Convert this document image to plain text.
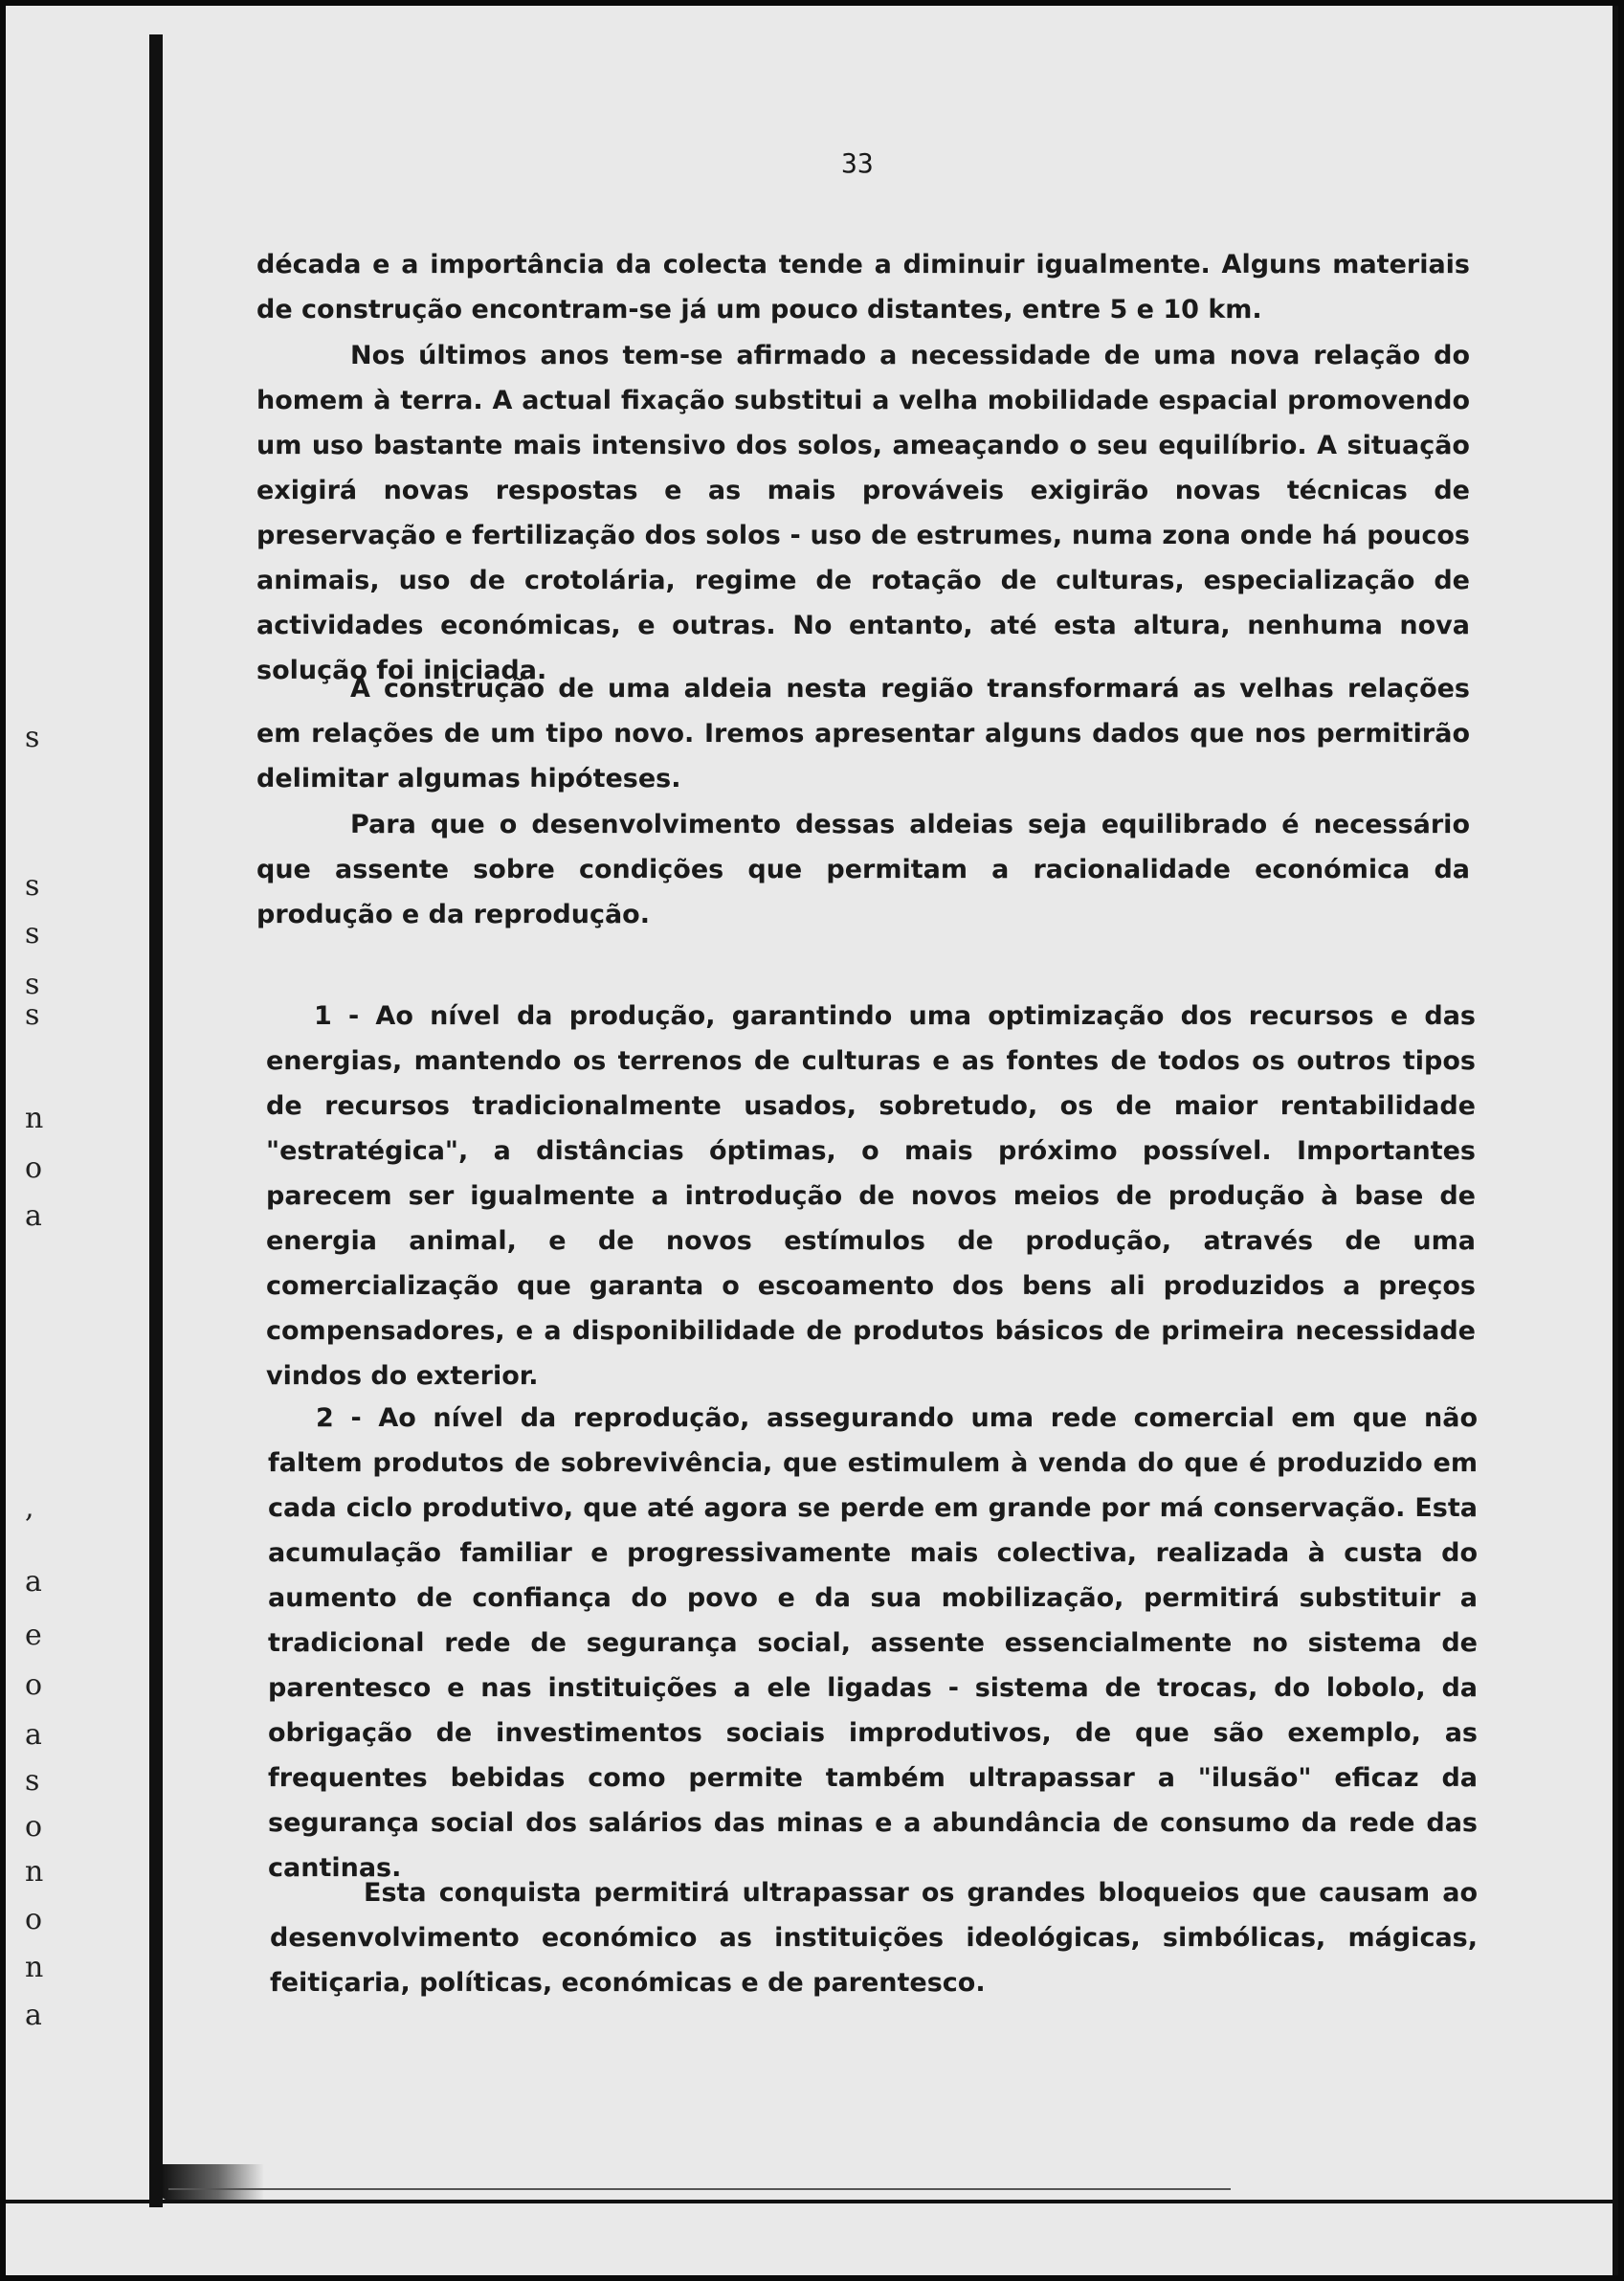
s
s
s
s
s
n
o
a
,
a
e
o
a
s
o
n
o
n
a
33

década e a importância da colecta tende a diminuir igualmente. Alguns materiais de construção encontram-se já um pouco distantes, entre 5 e 10 km.

Nos últimos anos tem-se afirmado a necessidade de uma nova relação do homem à terra. A actual fixação substitui a velha mobilidade espacial promovendo um uso bastante mais intensivo dos solos, ameaçando o seu equilíbrio. A situação exigirá novas respostas e as mais prováveis exigirão novas técnicas de preservação e fertilização dos solos - uso de estrumes, numa zona onde há poucos animais, uso de crotolária, regime de rotação de culturas, especialização de actividades económicas, e outras. No entanto, até esta altura, nenhuma nova solução foi iniciada.

A construção de uma aldeia nesta região transformará as velhas relações em relações de um tipo novo. Iremos apresentar alguns dados que nos permitirão delimitar algumas hipóteses.

Para que o desenvolvimento dessas aldeias seja equilibrado é necessário que assente sobre condições que permitam a racionalidade económica da produção e da reprodução.

1 - Ao nível da produção, garantindo uma optimização dos recursos e das energias, mantendo os terrenos de culturas e as fontes de todos os outros tipos de recursos tradicionalmente usados, sobretudo, os de maior rentabilidade "estratégica", a distâncias óptimas, o mais próximo possível. Importantes parecem ser igualmente a introdução de novos meios de produção à base de energia animal, e de novos estímulos de produção, através de uma comercialização que garanta o escoamento dos bens ali produzidos a preços compensadores, e a disponibilidade de produtos básicos de primeira necessidade vindos do exterior.

2 - Ao nível da reprodução, assegurando uma rede comercial em que não faltem produtos de sobrevivência, que estimulem à venda do que é produzido em cada ciclo produtivo, que até agora se perde em grande por má conservação. Esta acumulação familiar e progressivamente mais colectiva, realizada à custa do aumento de confiança do povo e da sua mobilização, permitirá substituir a tradicional rede de segurança social, assente essencialmente no sistema de parentesco e nas instituições a ele ligadas - sistema de trocas, do lobolo, da obrigação de investimentos sociais improdutivos, de que são exemplo, as frequentes bebidas como permite também ultrapassar a "ilusão" eficaz da segurança social dos salários das minas e a abundância de consumo da rede das cantinas.

Esta conquista permitirá ultrapassar os grandes bloqueios que causam ao desenvolvimento económico as instituições ideológicas, simbólicas, mágicas, feitiçaria, políticas, económicas e de parentesco.
